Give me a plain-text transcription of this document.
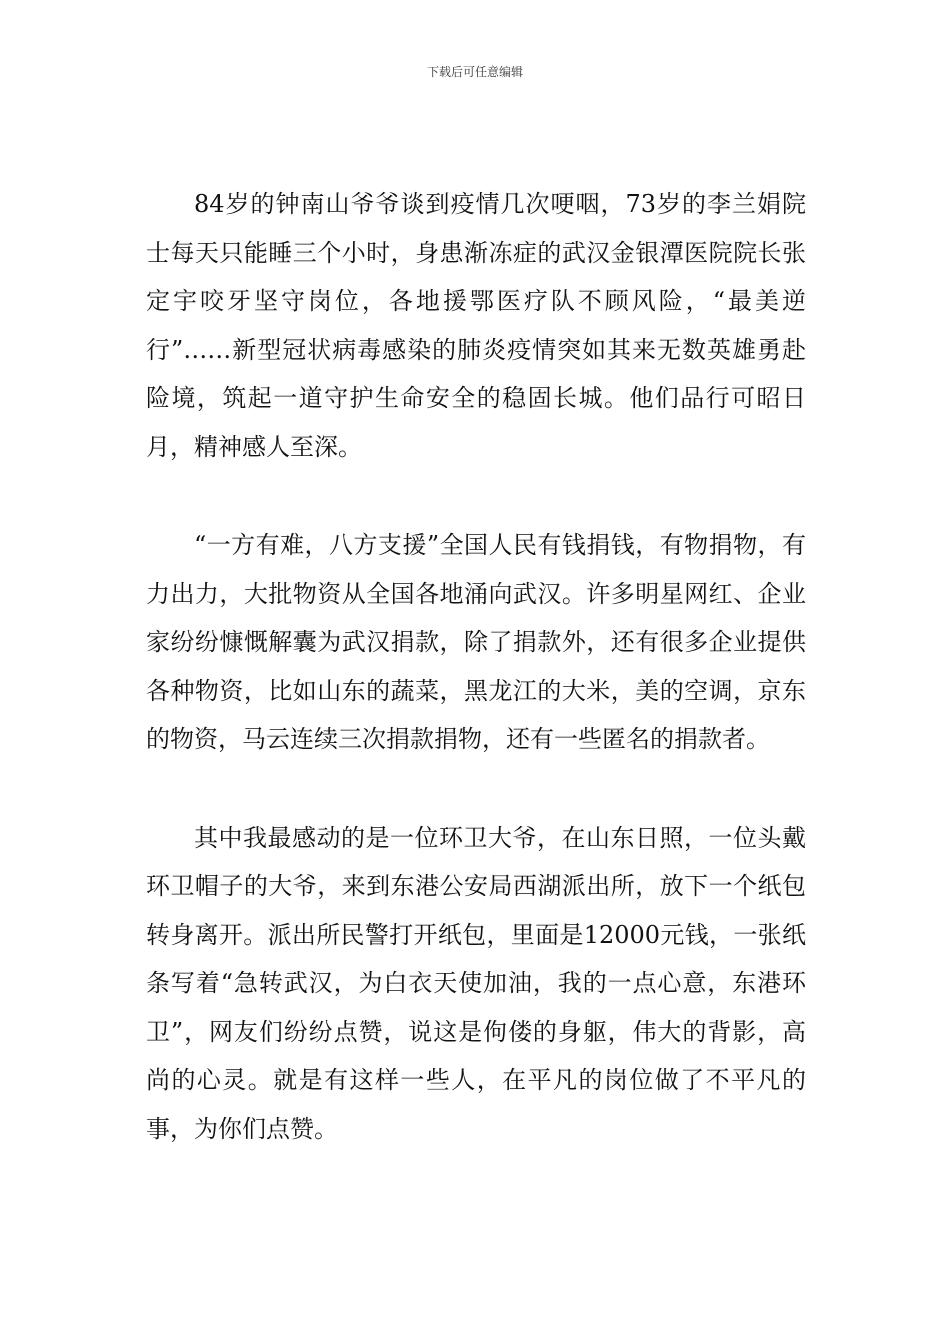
下载后可任意编辑

84岁的钟南山爷爷谈到疫情几次哽咽，73岁的李兰娟院士每天只能睡三个小时，身患渐冻症的武汉金银潭医院院长张定宇咬牙坚守岗位，各地援鄂医疗队不顾风险，“最美逆行”……新型冠状病毒感染的肺炎疫情突如其来无数英雄勇赴险境，筑起一道守护生命安全的稳固长城。他们品行可昭日月，精神感人至深。

“一方有难，八方支援”全国人民有钱捐钱，有物捐物，有力出力，大批物资从全国各地涌向武汉。许多明星网红、企业家纷纷慷慨解囊为武汉捐款，除了捐款外，还有很多企业提供各种物资，比如山东的蔬菜，黑龙江的大米，美的空调，京东的物资，马云连续三次捐款捐物，还有一些匿名的捐款者。

其中我最感动的是一位环卫大爷，在山东日照，一位头戴环卫帽子的大爷，来到东港公安局西湖派出所，放下一个纸包转身离开。派出所民警打开纸包，里面是12000元钱，一张纸条写着“急转武汉，为白衣天使加油，我的一点心意，东港环卫”，网友们纷纷点赞，说这是佝偻的身躯，伟大的背影，高尚的心灵。就是有这样一些人，在平凡的岗位做了不平凡的事，为你们点赞。
